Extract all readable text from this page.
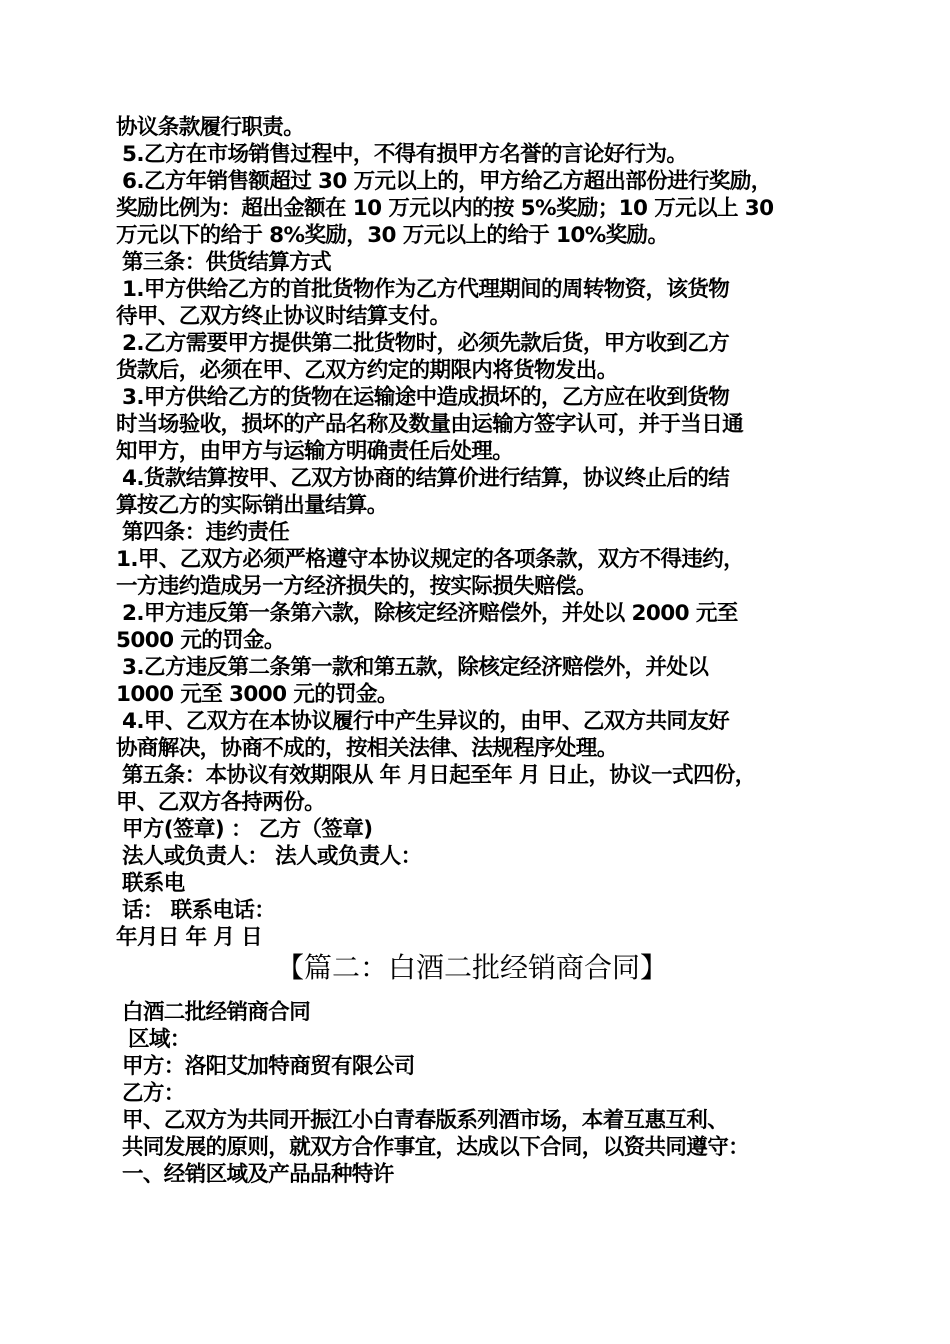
协议条款履行职责。
5.乙方在市场销售过程中，不得有损甲方名誉的言论好行为。
6.乙方年销售额超过 30 万元以上的，甲方给乙方超出部份进行奖励，
奖励比例为：超出金额在 10 万元以内的按 5%奖励；10 万元以上 30
万元以下的给于 8%奖励，30 万元以上的给于 10%奖励。
第三条：供货结算方式
1.甲方供给乙方的首批货物作为乙方代理期间的周转物资，该货物
待甲、乙双方终止协议时结算支付。
2.乙方需要甲方提供第二批货物时，必须先款后货，甲方收到乙方
货款后，必须在甲、乙双方约定的期限内将货物发出。
3.甲方供给乙方的货物在运输途中造成损坏的，乙方应在收到货物
时当场验收，损坏的产品名称及数量由运输方签字认可，并于当日通
知甲方，由甲方与运输方明确责任后处理。
4.货款结算按甲、乙双方协商的结算价进行结算，协议终止后的结
算按乙方的实际销出量结算。
第四条：违约责任
1.甲、乙双方必须严格遵守本协议规定的各项条款，双方不得违约，
一方违约造成另一方经济损失的，按实际损失赔偿。
2.甲方违反第一条第六款，除核定经济赔偿外，并处以 2000 元至
5000 元的罚金。
3.乙方违反第二条第一款和第五款，除核定经济赔偿外，并处以
1000 元至 3000 元的罚金。
4.甲、乙双方在本协议履行中产生异议的，由甲、乙双方共同友好
协商解决，协商不成的，按相关法律、法规程序处理。
第五条：本协议有效期限从 年 月日起至年 月 日止，协议一式四份，
甲、乙双方各持两份。
甲方(签章) ： 乙方（签章)
法人或负责人： 法人或负责人：
联系电
话： 联系电话：
年月日 年 月 日
【篇二：白酒二批经销商合同】
白酒二批经销商合同
区域：
甲方：洛阳艾加特商贸有限公司
乙方：
甲、乙双方为共同开振江小白青春版系列酒市场，本着互惠互利、
共同发展的原则，就双方合作事宜，达成以下合同，以资共同遵守：
一、经销区域及产品品种特许
